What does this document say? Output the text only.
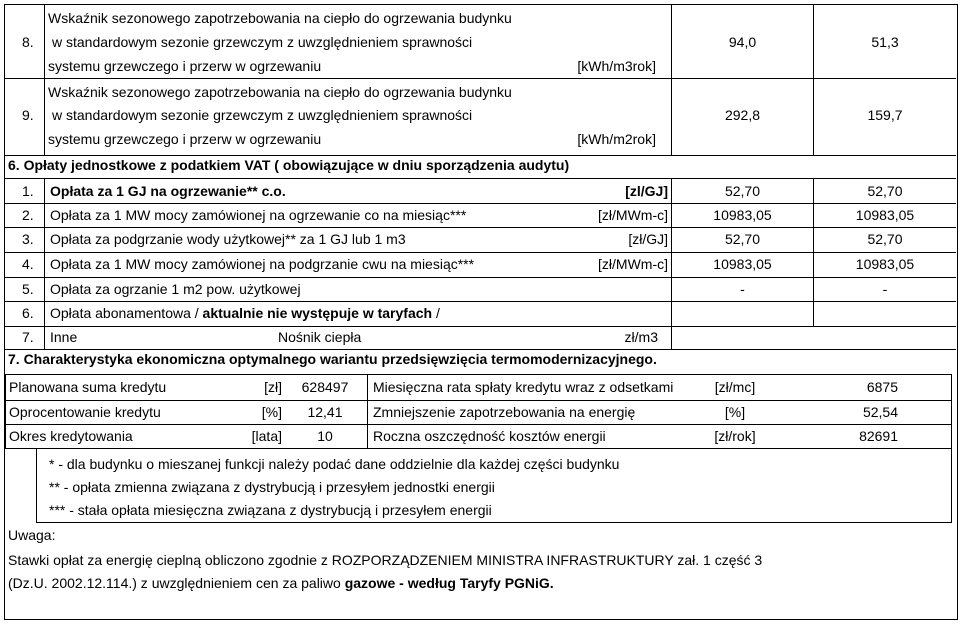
8.
Wskaźnik sezonowego zapotrzebowania na ciepło do ogrzewania budynku
w standardowym sezonie grzewczym z uwzględnieniem sprawności
systemu grzewczego i przerw w ogrzewaniu	[kWh/m3rok]
94,0	51,3
9.
Wskaźnik sezonowego zapotrzebowania na ciepło do ogrzewania budynku
w standardowym sezonie grzewczym z uwzględnieniem sprawności
systemu grzewczego i przerw w ogrzewaniu	[kWh/m2rok]
292,8	159,7
6. Opłaty jednostkowe z podatkiem VAT ( obowiązujące w dniu sporządzenia audytu)
1. Opłata za 1 GJ na ogrzewanie** c.o.	[zl/GJ]	52,70	52,70
2. Opłata za 1 MW mocy zamówionej na ogrzewanie co na miesiąc***	[zł/MWm-c]	10983,05	10983,05
3. Opłata za podgrzanie wody użytkowej** za 1 GJ lub 1 m3	[zł/GJ]	52,70	52,70
4. Opłata za 1 MW mocy zamówionej na podgrzanie cwu na miesiąc***	[zł/MWm-c]	10983,05	10983,05
5. Opłata za ogrzanie 1 m2 pow. użytkowej	-	-
6. Opłata abonamentowa / aktualnie nie występuje w taryfach /
7. Inne	Nośnik ciepła	zł/m3
7. Charakterystyka ekonomiczna optymalnego wariantu przedsięwzięcia termomodernizacyjnego.
Planowana suma kredytu	[zł]	628497	Miesięczna rata spłaty kredytu wraz z odsetkami	[zł/mc]	6875
Oprocentowanie kredytu	[%]	12,41	Zmniejszenie zapotrzebowania na energię	[%]	52,54
Okres kredytowania	[lata]	10	Roczna oszczędność kosztów energii	[zł/rok]	82691
* - dla budynku o mieszanej funkcji należy podać dane oddzielnie dla każdej części budynku
** - opłata zmienna związana z dystrybucją i przesyłem jednostki energii
*** - stała opłata miesięczna związana z dystrybucją i przesyłem energii
Uwaga:
Stawki opłat za energię cieplną obliczono zgodnie z ROZPORZĄDZENIEM MINISTRA INFRASTRUKTURY zał. 1 część 3
(Dz.U. 2002.12.114.) z uwzględnieniem cen za paliwo gazowe - według Taryfy PGNiG.
